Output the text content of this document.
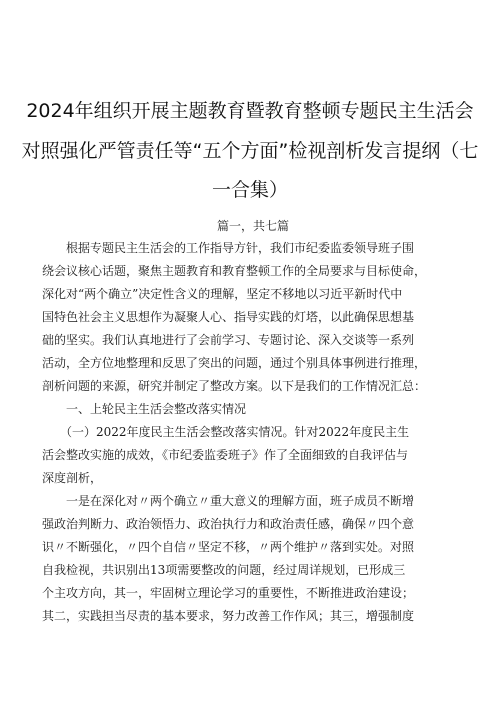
2024年组织开展主题教育暨教育整顿专题民主生活会
对照强化严管责任等“五个方面”检视剖析发言提纲（七
一合集）
篇一，共七篇
　　根据专题民主生活会的工作指导方针，我们市纪委监委领导班子围
绕会议核心话题，聚焦主题教育和教育整顿工作的全局要求与目标使命，
深化对“两个确立”决定性含义的理解，坚定不移地以习近平新时代中
国特色社会主义思想作为凝聚人心、指导实践的灯塔，以此确保思想基
础的坚实。我们认真地进行了会前学习、专题讨论、深入交谈等一系列
活动，全方位地整理和反思了突出的问题，通过个别具体事例进行推理，
剖析问题的来源，研究并制定了整改方案。以下是我们的工作情况汇总：
　　一、上轮民主生活会整改落实情况
　　（一）2022年度民主生活会整改落实情况。针对2022年度民主生
活会整改实施的成效，《市纪委监委班子》作了全面细致的自我评估与
深度剖析，
　　一是在深化对〃两个确立〃重大意义的理解方面，班子成员不断增
强政治判断力、政治领悟力、政治执行力和政治责任感，确保〃四个意
识〃不断强化，〃四个自信〃坚定不移，〃两个维护〃落到实处。对照
自我检视，共识别出13项需要整改的问题，经过周详规划，已形成三
个主攻方向，其一，牢固树立理论学习的重要性，不断推进政治建设；
其二，实践担当尽责的基本要求，努力改善工作作风；其三，增强制度
